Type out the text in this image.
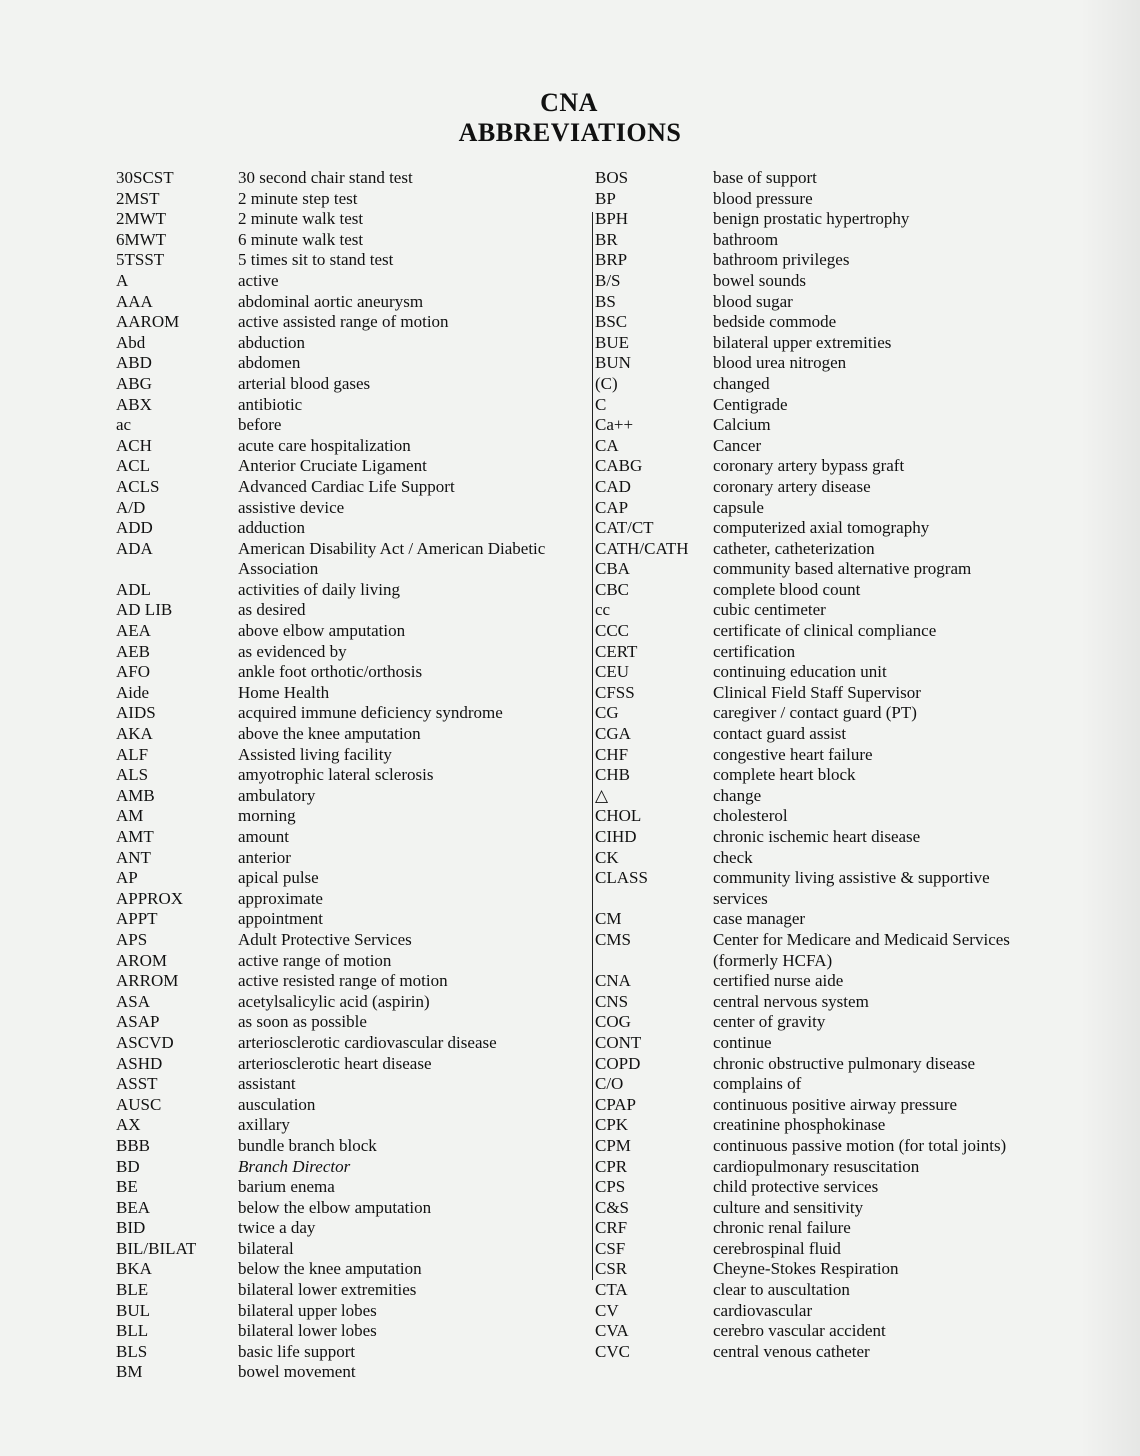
CNA
ABBREVIATIONS
30SCST	30 second chair stand test
2MST	2 minute step test
2MWT	2 minute walk test
6MWT	6 minute walk test
5TSST	5 times sit to stand test
A	active
AAA	abdominal aortic aneurysm
AAROM	active assisted range of motion
Abd	abduction
ABD	abdomen
ABG	arterial blood gases
ABX	antibiotic
ac	before
ACH	acute care hospitalization
ACL	Anterior Cruciate Ligament
ACLS	Advanced Cardiac Life Support
A/D	assistive device
ADD	adduction
ADA	American Disability Act / American Diabetic Association
ADL	activities of daily living
AD LIB	as desired
AEA	above elbow amputation
AEB	as evidenced by
AFO	ankle foot orthotic/orthosis
Aide	Home Health
AIDS	acquired immune deficiency syndrome
AKA	above the knee amputation
ALF	Assisted living facility
ALS	amyotrophic lateral sclerosis
AMB	ambulatory
AM	morning
AMT	amount
ANT	anterior
AP	apical pulse
APPROX	approximate
APPT	appointment
APS	Adult Protective Services
AROM	active range of motion
ARROM	active resisted range of motion
ASA	acetylsalicylic acid (aspirin)
ASAP	as soon as possible
ASCVD	arteriosclerotic cardiovascular disease
ASHD	arteriosclerotic heart disease
ASST	assistant
AUSC	ausculation
AX	axillary
BBB	bundle branch block
BD	Branch Director
BE	barium enema
BEA	below the elbow amputation
BID	twice a day
BIL/BILAT	bilateral
BKA	below the knee amputation
BLE	bilateral lower extremities
BUL	bilateral upper lobes
BLL	bilateral lower lobes
BLS	basic life support
BM	bowel movement
BOS	base of support
BP	blood pressure
BPH	benign prostatic hypertrophy
BR	bathroom
BRP	bathroom privileges
B/S	bowel sounds
BS	blood sugar
BSC	bedside commode
BUE	bilateral upper extremities
BUN	blood urea nitrogen
(C)	changed
C	Centigrade
Ca++	Calcium
CA	Cancer
CABG	coronary artery bypass graft
CAD	coronary artery disease
CAP	capsule
CAT/CT	computerized axial tomography
CATH/CATH	catheter, catheterization
CBA	community based alternative program
CBC	complete blood count
cc	cubic centimeter
CCC	certificate of clinical compliance
CERT	certification
CEU	continuing education unit
CFSS	Clinical Field Staff Supervisor
CG	caregiver / contact guard (PT)
CGA	contact guard assist
CHF	congestive heart failure
CHB	complete heart block
△	change
CHOL	cholesterol
CIHD	chronic ischemic heart disease
CK	check
CLASS	community living assistive & supportive services
CM	case manager
CMS	Center for Medicare and Medicaid Services (formerly HCFA)
CNA	certified nurse aide
CNS	central nervous system
COG	center of gravity
CONT	continue
COPD	chronic obstructive pulmonary disease
C/O	complains of
CPAP	continuous positive airway pressure
CPK	creatinine phosphokinase
CPM	continuous passive motion (for total joints)
CPR	cardiopulmonary resuscitation
CPS	child protective services
C&S	culture and sensitivity
CRF	chronic renal failure
CSF	cerebrospinal fluid
CSR	Cheyne-Stokes Respiration
CTA	clear to auscultation
CV	cardiovascular
CVA	cerebro vascular accident
CVC	central venous catheter
